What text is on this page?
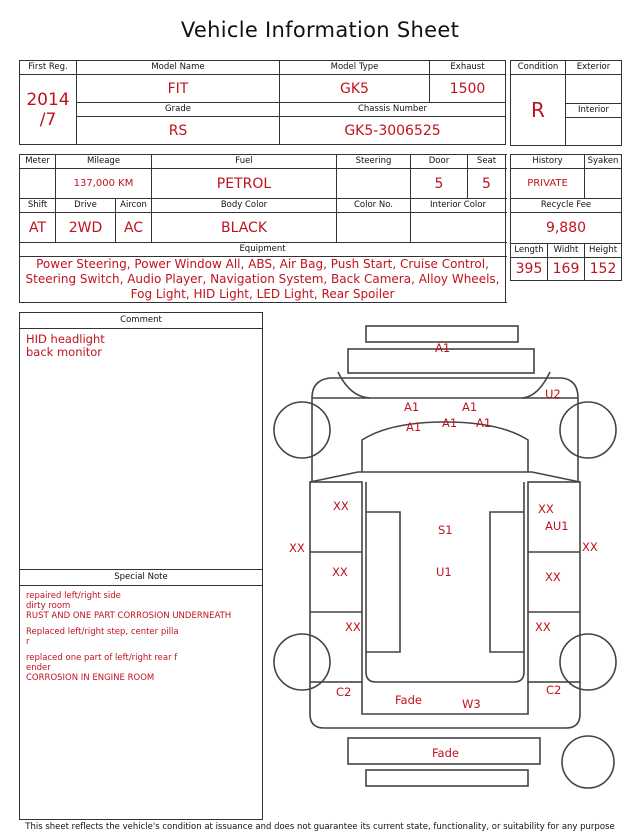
Vehicle Information Sheet
First Reg.	Model Name	Model Type	Exhaust

2014
/7	FIT	GK5	1500
	Grade	Chassis Number	
	RS	GK5-3006525	
Condition	Exterior
R	
	Interior

Meter	Mileage		Fuel	Steering	Door	Seat
	137,000 KM		PETROL		5	5
Shift	Drive	Aircon	Body Color	Color No.	Interior Color	
AT	2WD	AC	BLACK			
Equipment						
Power Steering, Power Window All, ABS, Air Bag, Push Start, Cruise Control, Steering Switch, Audio Player, Navigation System, Back Camera, Alloy Wheels, Fog Light, HID Light, LED Light, Rear Spoiler						
History		Syaken
PRIVATE		
Recycle Fee		
9,880		
Length	Widht	Height
395	169	152
Comment
HID headlight
back monitor
Special Note
repaired left/right side
dirty room
RUST AND ONE PART CORROSION UNDERNEATH
Replaced left/right step, center pilla
r
replaced one part of left/right rear f
ender
CORROSION IN ENGINE ROOM
A1
A1	A1
A1 A1 A1
U2
XX	XX
AU1
XX	XX
S1
U1
XX	XX
XX	XX
C2	C2
Fade	W3
Fade
This sheet reflects the vehicle's condition at issuance and does not guarantee its current state, functionality, or suitability for any purpose
